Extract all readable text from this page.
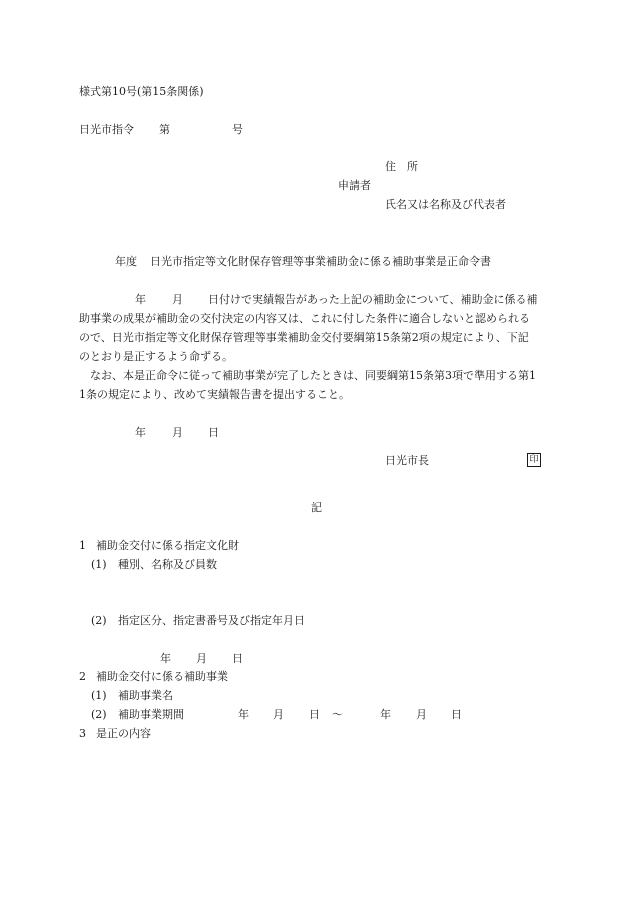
様式第10号(第15条関係)
日光市指令 第	号
住　所
申請者
氏名又は名称及び代表者
年度 日光市指定等文化財保存管理等事業補助金に係る補助事業是正命令書
年 月 日付けで実績報告があった上記の補助金について、補助金に係る補
助事業の成果が補助金の交付決定の内容又は、これに付した条件に適合しないと認められる
ので、日光市指定等文化財保存管理等事業補助金交付要綱第15条第2項の規定により、下記
のとおり是正するよう命ずる。
なお、本是正命令に従って補助事業が完了したときは、同要綱第15条第3項で準用する第1
1条の規定により、改めて実績報告書を提出すること。
年 月 日
日光市長	印
記
1 補助金交付に係る指定文化財
(1) 種別、名称及び員数
(2) 指定区分、指定書番号及び指定年月日
年 月 日
2 補助金交付に係る補助事業
(1) 補助事業名
(2) 補助事業期間	年 月 日 〜	年 月 日
3 是正の内容
